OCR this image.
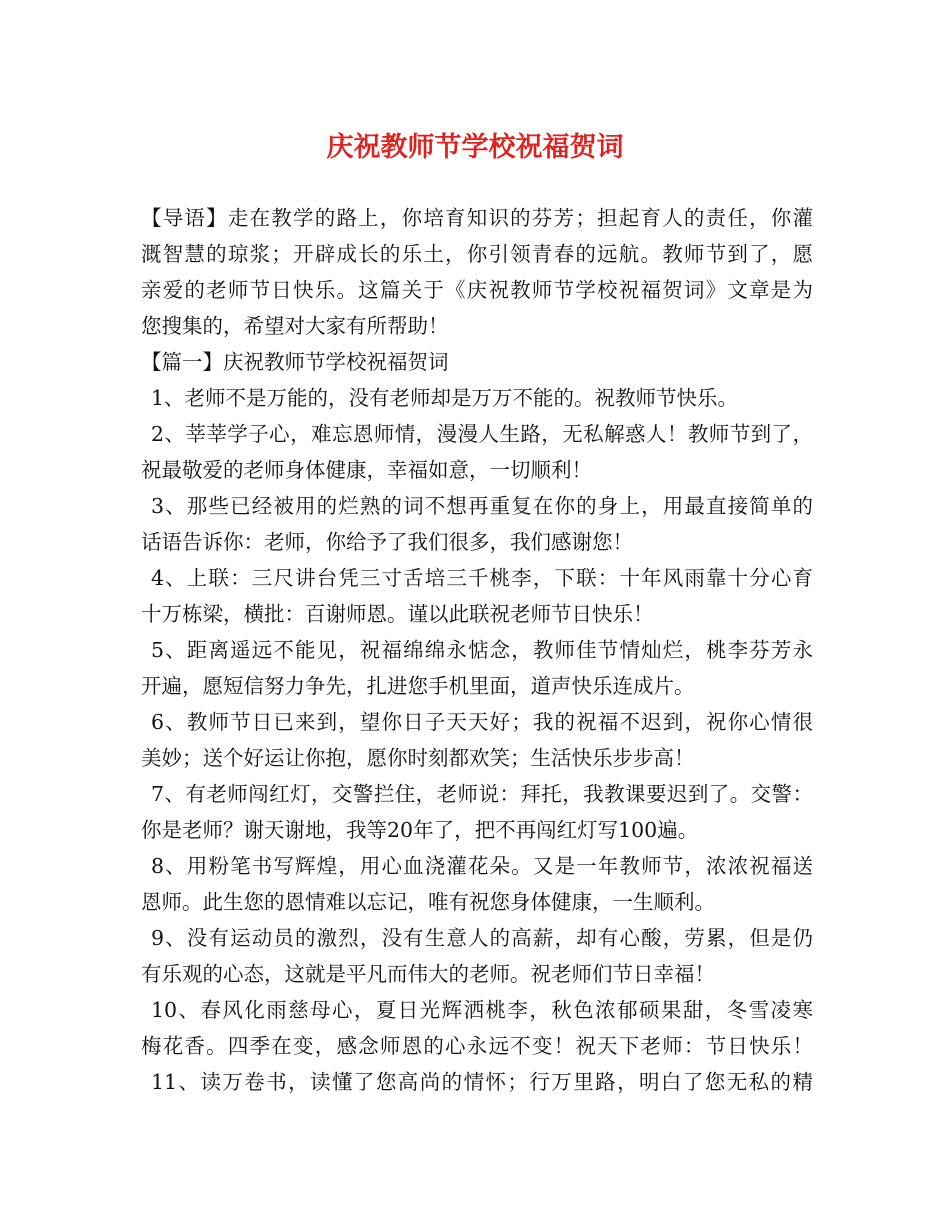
庆祝教师节学校祝福贺词
【导语】走在教学的路上，你培育知识的芬芳；担起育人的责任，你灌
溉智慧的琼浆；开辟成长的乐土，你引领青春的远航。教师节到了，愿
亲爱的老师节日快乐。这篇关于《庆祝教师节学校祝福贺词》文章是为
您搜集的，希望对大家有所帮助！
【篇一】庆祝教师节学校祝福贺词
1、老师不是万能的，没有老师却是万万不能的。祝教师节快乐。
2、莘莘学子心，难忘恩师情，漫漫人生路，无私解惑人！教师节到了，
祝最敬爱的老师身体健康，幸福如意，一切顺利！
3、那些已经被用的烂熟的词不想再重复在你的身上，用最直接简单的
话语告诉你：老师，你给予了我们很多，我们感谢您！
4、上联：三尺讲台凭三寸舌培三千桃李，下联：十年风雨靠十分心育
十万栋梁，横批：百谢师恩。谨以此联祝老师节日快乐！
5、距离遥远不能见，祝福绵绵永惦念，教师佳节情灿烂，桃李芬芳永
开遍，愿短信努力争先，扎进您手机里面，道声快乐连成片。
6、教师节日已来到，望你日子天天好；我的祝福不迟到，祝你心情很
美妙；送个好运让你抱，愿你时刻都欢笑；生活快乐步步高！
7、有老师闯红灯，交警拦住，老师说：拜托，我教课要迟到了。交警：
你是老师？谢天谢地，我等20年了，把不再闯红灯写100遍。
8、用粉笔书写辉煌，用心血浇灌花朵。又是一年教师节，浓浓祝福送
恩师。此生您的恩情难以忘记，唯有祝您身体健康，一生顺利。
9、没有运动员的激烈，没有生意人的高薪，却有心酸，劳累，但是仍
有乐观的心态，这就是平凡而伟大的老师。祝老师们节日幸福！
10、春风化雨慈母心，夏日光辉洒桃李，秋色浓郁硕果甜，冬雪凌寒
梅花香。四季在变，感念师恩的心永远不变！祝天下老师：节日快乐！
11、读万卷书，读懂了您高尚的情怀；行万里路，明白了您无私的精
